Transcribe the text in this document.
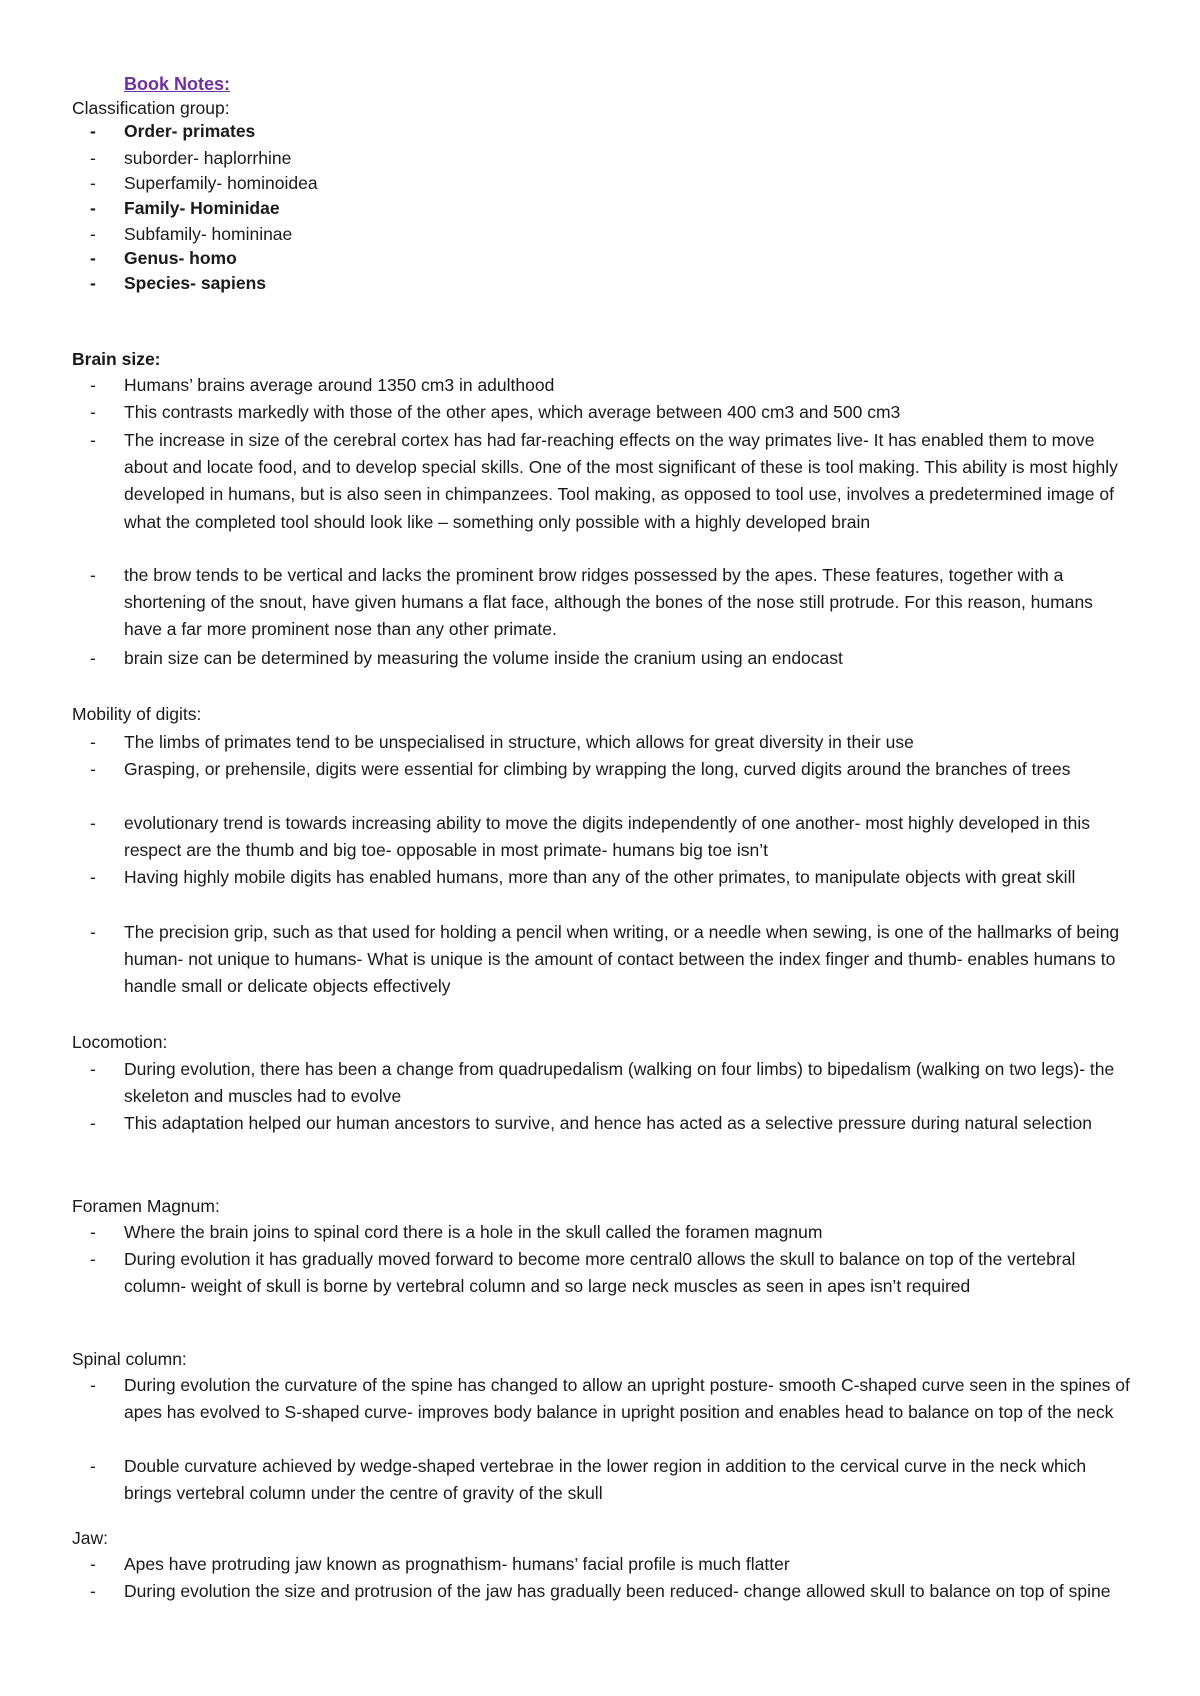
Book Notes:
Classification group:
- Order- primates
- suborder- haplorrhine
- Superfamily- hominoidea
- Family- Hominidae
- Subfamily- homininae
- Genus- homo
- Species- sapiens
Brain size:
- Humans’ brains average around 1350 cm3 in adulthood
- This contrasts markedly with those of the other apes, which average between 400 cm3 and 500 cm3
- The increase in size of the cerebral cortex has had far-reaching effects on the way primates live- It has enabled them to move about and locate food, and to develop special skills. One of the most significant of these is tool making. This ability is most highly developed in humans, but is also seen in chimpanzees. Tool making, as opposed to tool use, involves a predetermined image of what the completed tool should look like – something only possible with a highly developed brain
- the brow tends to be vertical and lacks the prominent brow ridges possessed by the apes. These features, together with a shortening of the snout, have given humans a flat face, although the bones of the nose still protrude. For this reason, humans have a far more prominent nose than any other primate.
- brain size can be determined by measuring the volume inside the cranium using an endocast
Mobility of digits:
- The limbs of primates tend to be unspecialised in structure, which allows for great diversity in their use
- Grasping, or prehensile, digits were essential for climbing by wrapping the long, curved digits around the branches of trees
- evolutionary trend is towards increasing ability to move the digits independently of one another- most highly developed in this respect are the thumb and big toe- opposable in most primate- humans big toe isn’t
- Having highly mobile digits has enabled humans, more than any of the other primates, to manipulate objects with great skill
- The precision grip, such as that used for holding a pencil when writing, or a needle when sewing, is one of the hallmarks of being human- not unique to humans- What is unique is the amount of contact between the index finger and thumb- enables humans to handle small or delicate objects effectively
Locomotion:
- During evolution, there has been a change from quadrupedalism (walking on four limbs) to bipedalism (walking on two legs)- the skeleton and muscles had to evolve
- This adaptation helped our human ancestors to survive, and hence has acted as a selective pressure during natural selection
Foramen Magnum:
- Where the brain joins to spinal cord there is a hole in the skull called the foramen magnum
- During evolution it has gradually moved forward to become more central0 allows the skull to balance on top of the vertebral column- weight of skull is borne by vertebral column and so large neck muscles as seen in apes isn’t required
Spinal column:
- During evolution the curvature of the spine has changed to allow an upright posture- smooth C-shaped curve seen in the spines of apes has evolved to S-shaped curve- improves body balance in upright position and enables head to balance on top of the neck
- Double curvature achieved by wedge-shaped vertebrae in the lower region in addition to the cervical curve in the neck which brings vertebral column under the centre of gravity of the skull
Jaw:
- Apes have protruding jaw known as prognathism- humans’ facial profile is much flatter
- During evolution the size and protrusion of the jaw has gradually been reduced- change allowed skull to balance on top of spine
